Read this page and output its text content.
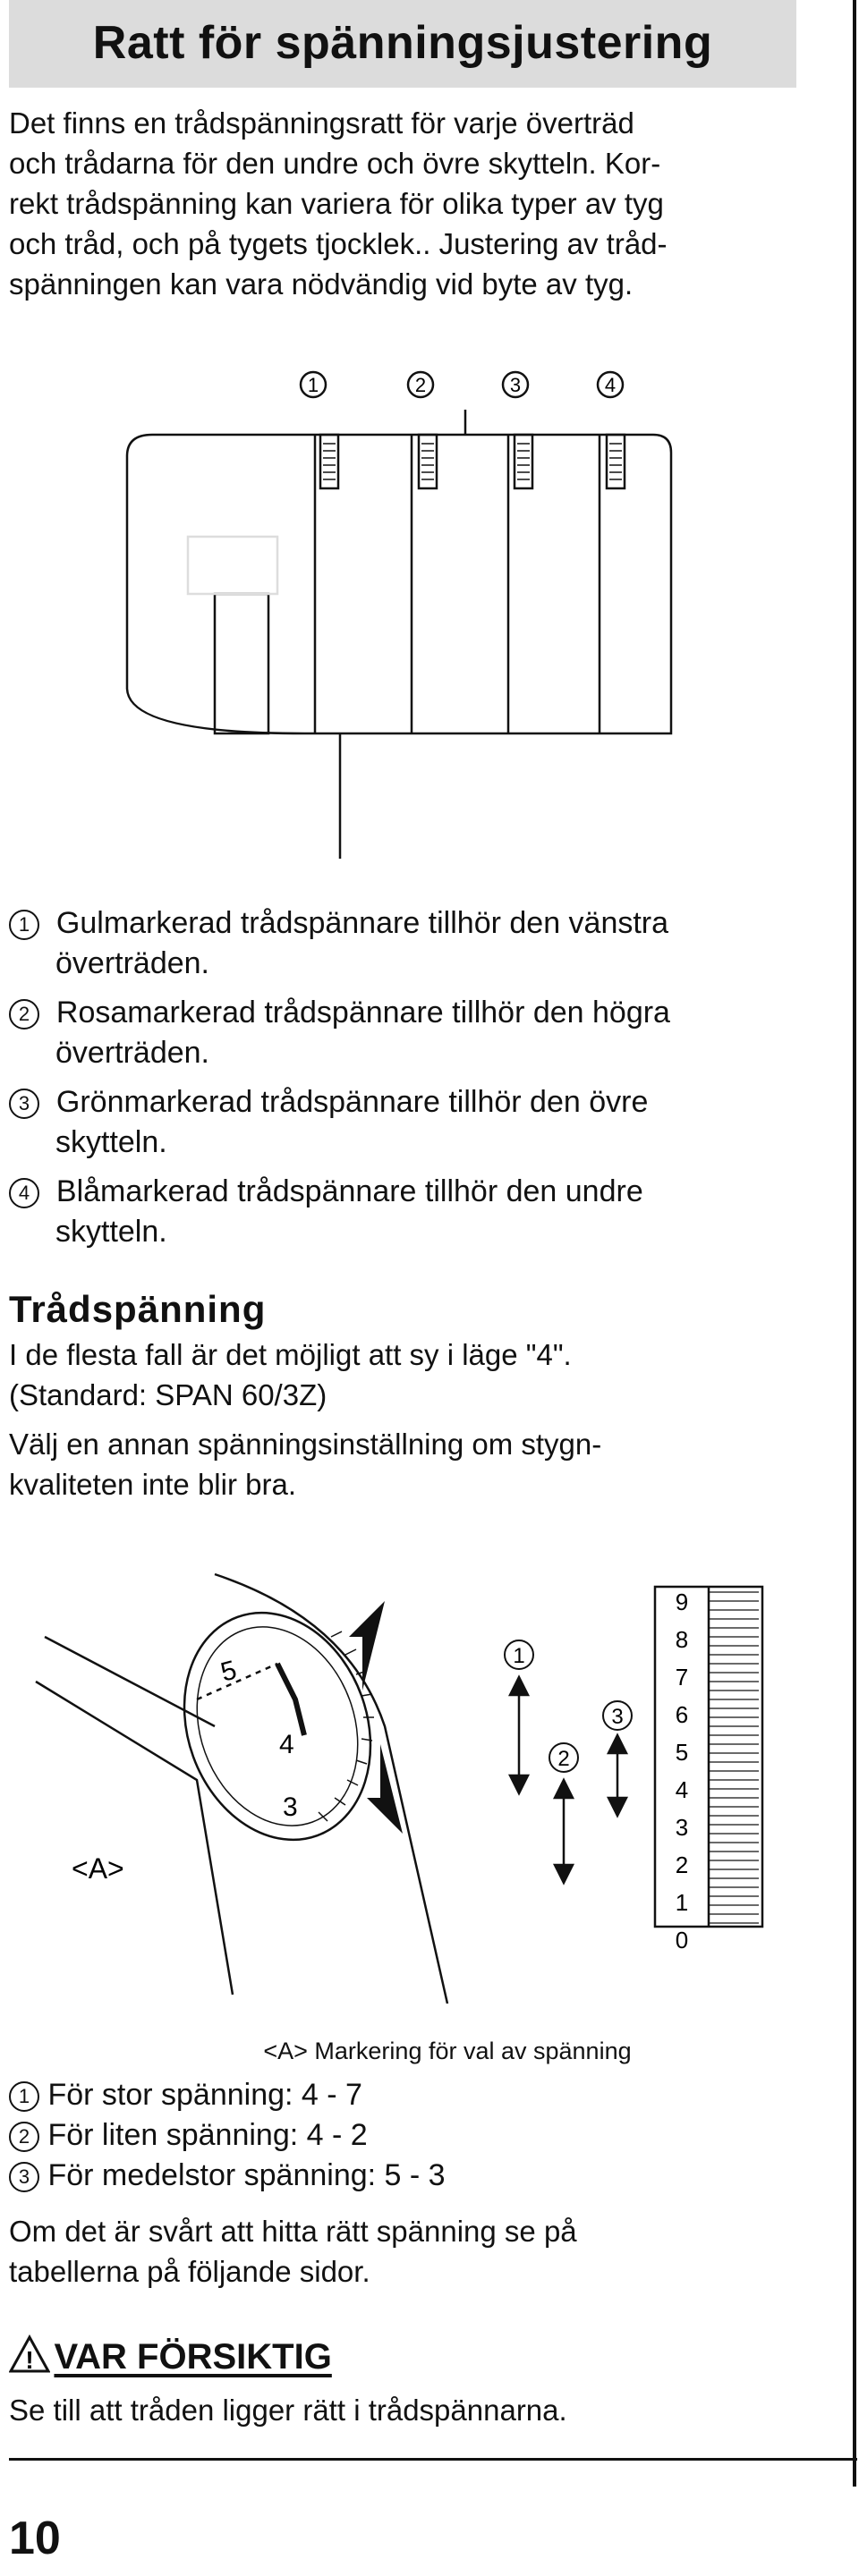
Ratt för spänningsjustering
Det finns en trådspänningsratt för varje överträd
och trådarna för den undre och övre skytteln. Kor-
rekt trådspänning kan variera för olika typer av tyg
och tråd, och på tygets tjocklek.. Justering av tråd-
spänningen kan vara nödvändig vid byte av tyg.
1	2	3	4
1 Gulmarkerad trådspännare tillhör den vänstra
överträden.
2 Rosamarkerad trådspännare tillhör den högra
överträden.
3 Grönmarkerad trådspännare tillhör den övre
skytteln.
4 Blåmarkerad trådspännare tillhör den undre
skytteln.
Trådspänning
I de flesta fall är det möjligt att sy i läge "4".
(Standard: SPAN 60/3Z)
Välj en annan spänningsinställning om stygn-
kvaliteten inte blir bra.
5
4
3
<A>
1
2
3
9
8
7
6
5
4
3
2
1
0
<A> Markering för val av spänning
1 För stor spänning: 4 - 7
2 För liten spänning: 4 - 2
3 För medelstor spänning: 5 - 3
Om det är svårt att hitta rätt spänning se på
tabellerna på följande sidor.
! VAR FÖRSIKTIG
Se till att tråden ligger rätt i trådspännarna.
10
